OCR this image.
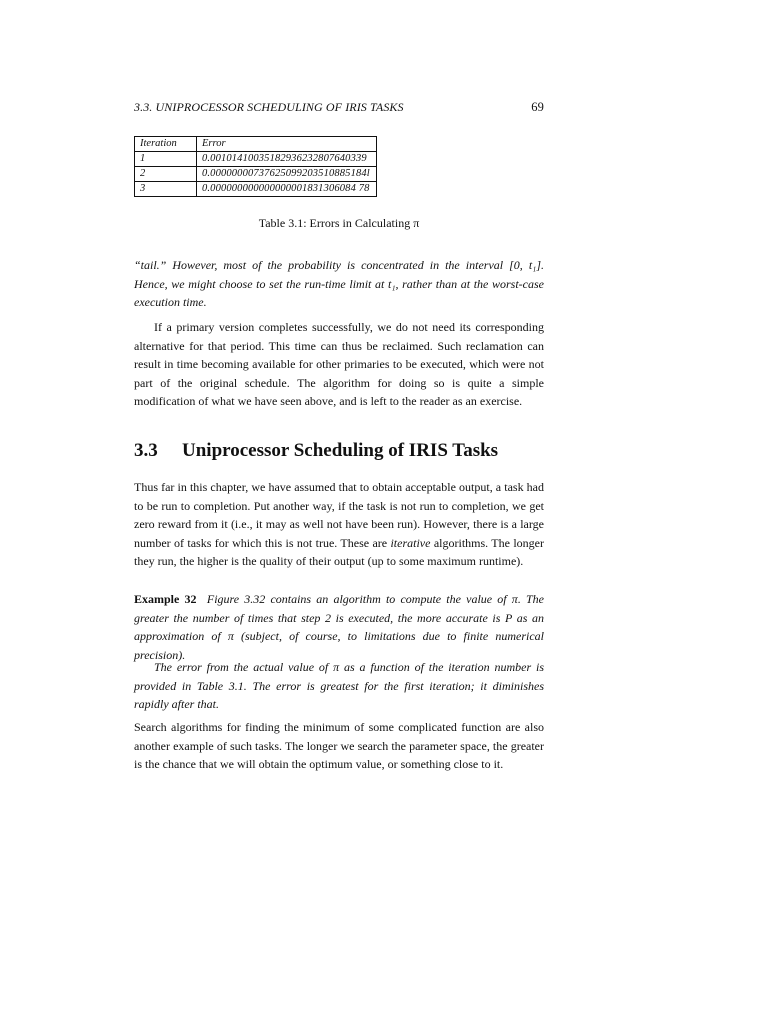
3.3. UNIPROCESSOR SCHEDULING OF IRIS TASKS	69
Iteration	Error
1	0.00101410035182936232807640339
2	0.00000000737625099203510885184l
3	0.000000000000000001831306084 78
Table 3.1: Errors in Calculating π

“tail.” However, most of the probability is concentrated in the interval [0, t₁]. Hence, we might choose to set the run-time limit at t₁, rather than at the worst-case execution time.

If a primary version completes successfully, we do not need its corresponding alternative for that period. This time can thus be reclaimed. Such reclamation can result in time becoming available for other primaries to be executed, which were not part of the original schedule. The algorithm for doing so is quite a simple modification of what we have seen above, and is left to the reader as an exercise.

3.3 Uniprocessor Scheduling of IRIS Tasks

Thus far in this chapter, we have assumed that to obtain acceptable output, a task had to be run to completion. Put another way, if the task is not run to completion, we get zero reward from it (i.e., it may as well not have been run). However, there is a large number of tasks for which this is not true. These are iterative algorithms. The longer they run, the higher is the quality of their output (up to some maximum runtime).

Example 32 Figure 3.32 contains an algorithm to compute the value of π. The greater the number of times that step 2 is executed, the more accurate is P as an approximation of π (subject, of course, to limitations due to finite numerical precision).

The error from the actual value of π as a function of the iteration number is provided in Table 3.1. The error is greatest for the first iteration; it diminishes rapidly after that.

Search algorithms for finding the minimum of some complicated function are also another example of such tasks. The longer we search the parameter space, the greater is the chance that we will obtain the optimum value, or something close to it.
